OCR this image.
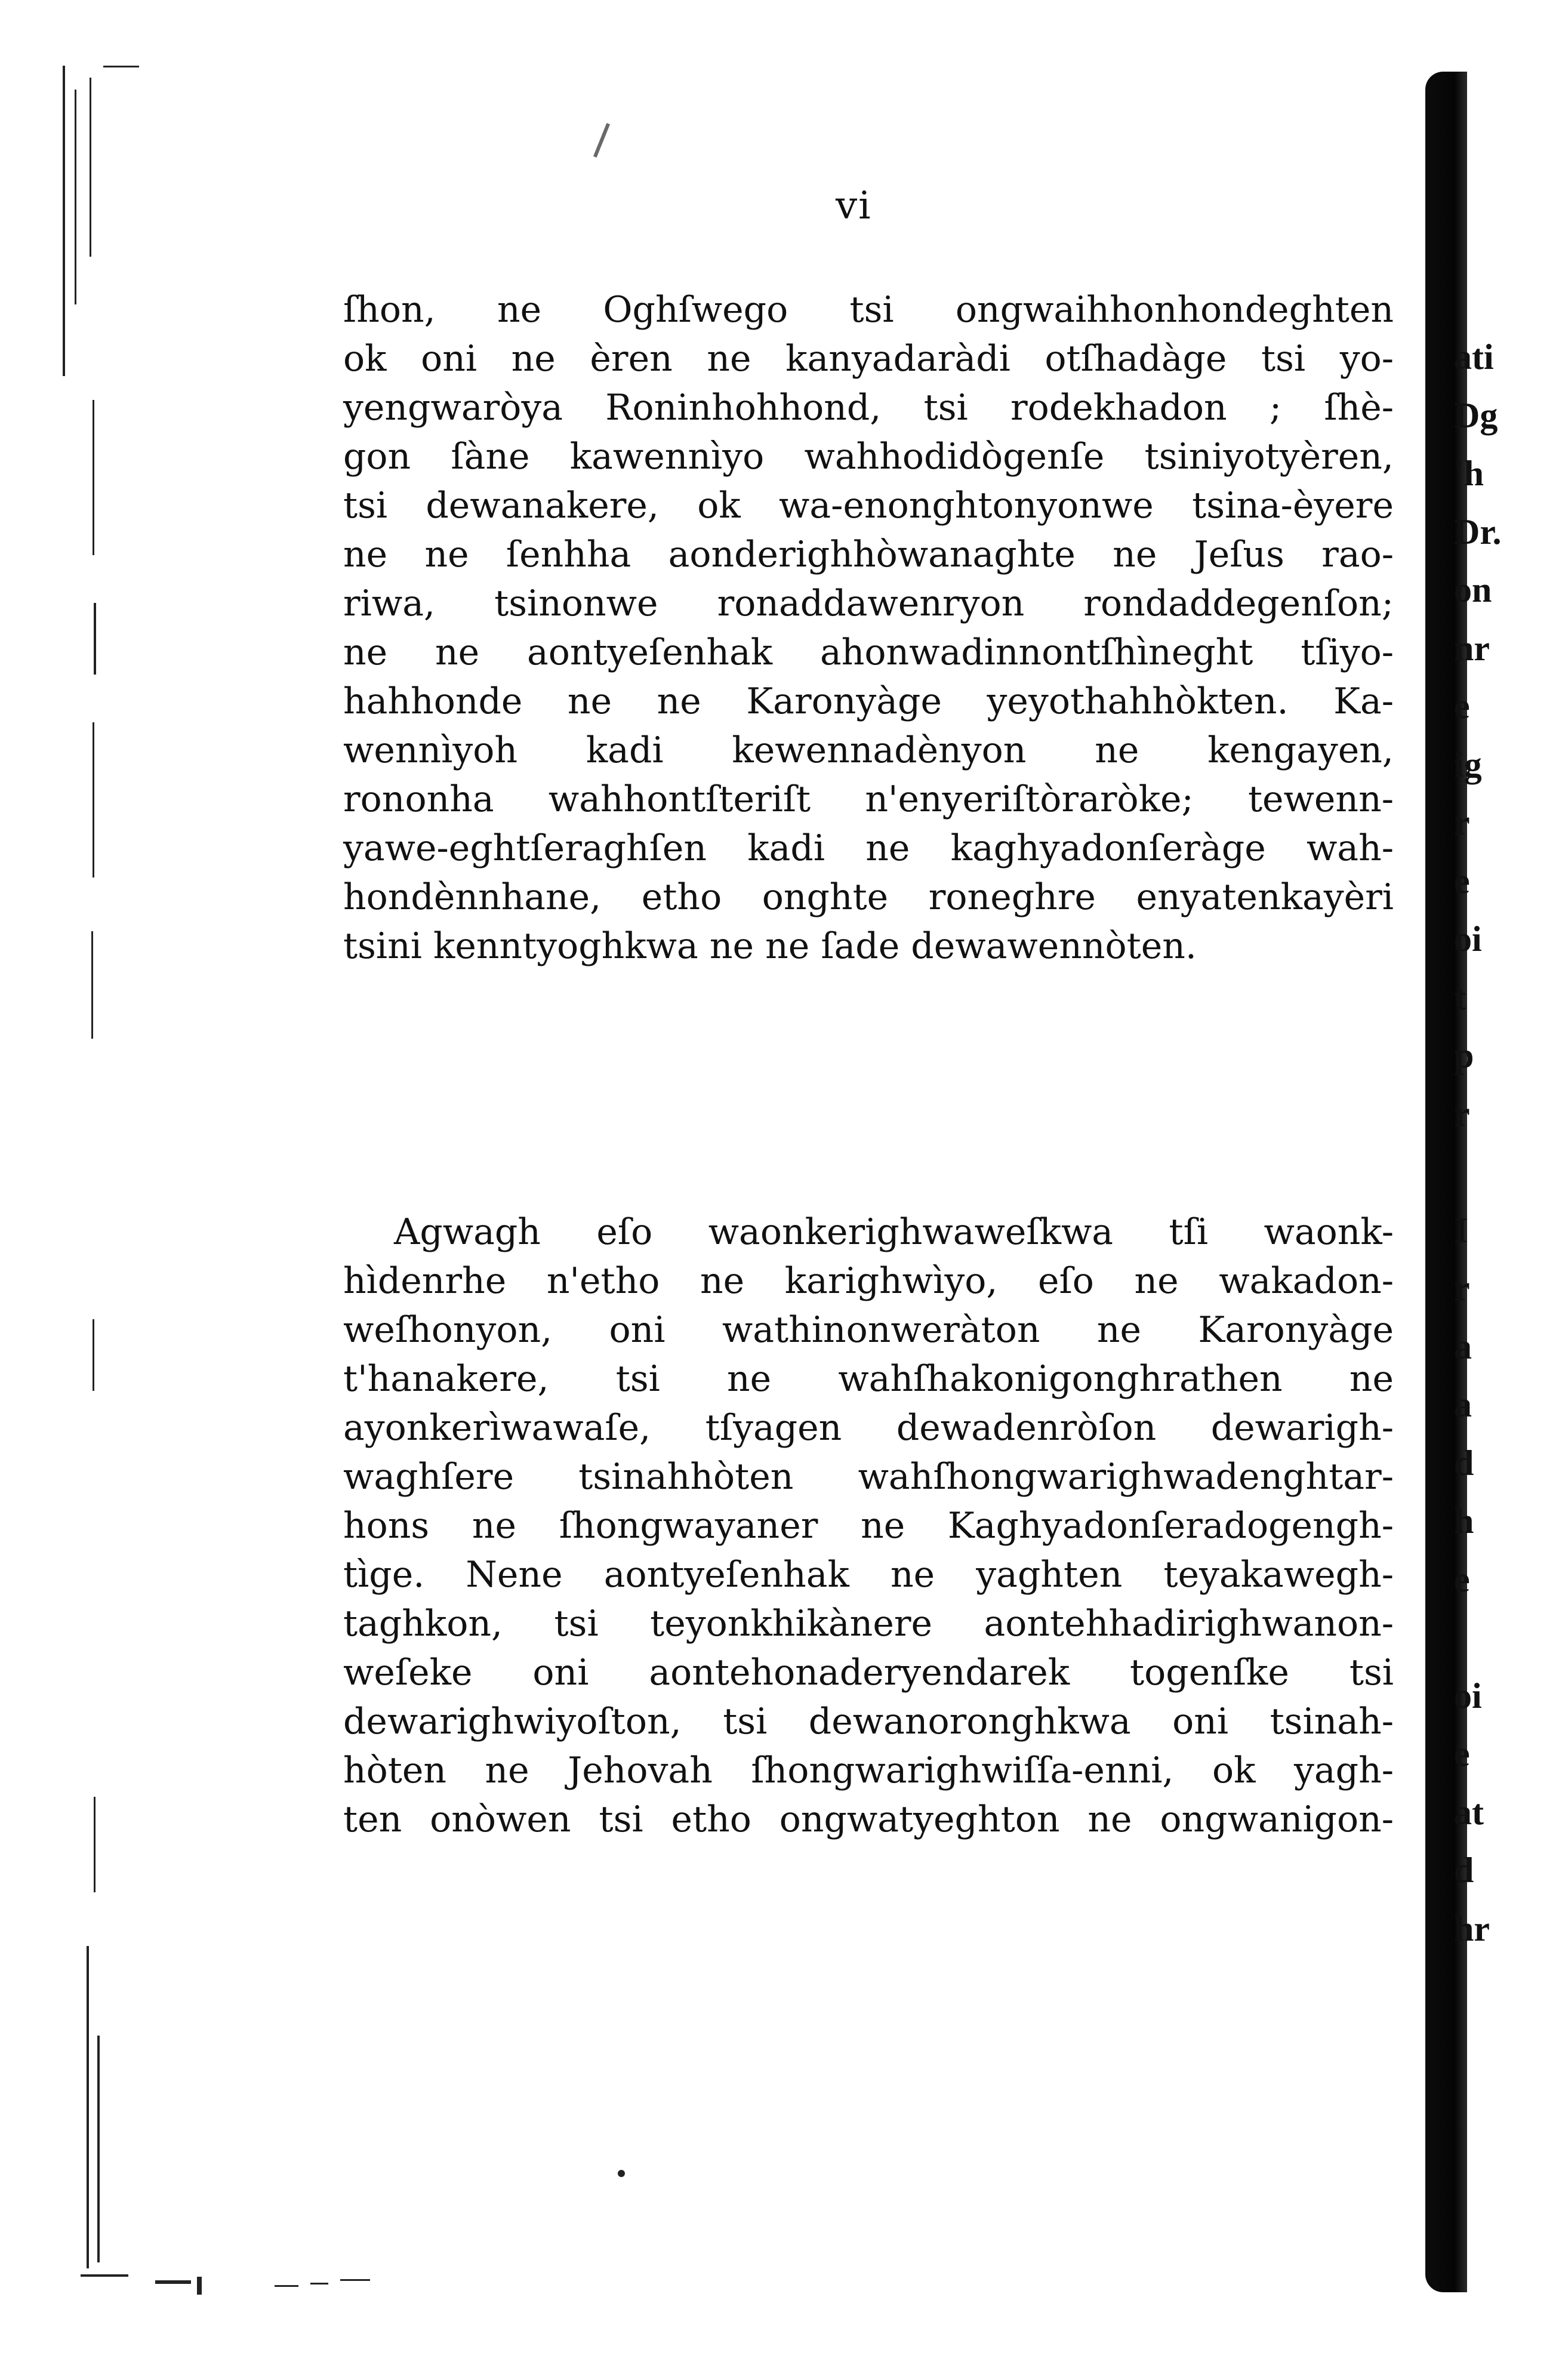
ati
Dg
'h
Dr.
on
nr
e
ig
r
e
oi
t
p
r
I
r
a
a
d
h
e
oi
e
at
d
hr
vi
ſhon, ne Oghſwego tsi ongwaihhonhondeghten
ok oni ne èren ne kanyadaràdi otſhadàge tsi yo-
yengwaròya Roninhohhond, tsi rodekhadon ; ſhè-
gon ſàne kawennìyo wahhodidògenſe tsiniyotyèren,
tsi dewanakere, ok wa-enonghtonyonwe tsina-èyere
ne ne ſenhha aonderighhòwanaghte ne Jeſus rao-
riwa, tsinonwe ronaddawenryon rondaddegenſon;
ne ne aontyeſenhak ahonwadinnontſhìneght tſiyo-
hahhonde ne ne Karonyàge yeyothahhòkten. Ka-
wennìyoh kadi kewennadènyon ne kengayen,
rononha wahhontſteriſt n'enyeriſtòraròke; tewenn-
yawe-eghtſeraghſen kadi ne kaghyadonſeràge wah-
hondènnhane, etho onghte roneghre enyatenkayèri
tsini kenntyoghkwa ne ne ſade dewawennòten.
Agwagh eſo waonkerighwaweſkwa tſi waonk-
hìdenrhe n'etho ne karighwìyo, eſo ne wakadon-
weſhonyon, oni wathinonweràton ne Karonyàge
t'hanakere, tsi ne wahſhakonigonghrathen ne
ayonkerìwawaſe, tſyagen dewadenròſon dewarigh-
waghſere tsinahhòten wahſhongwarighwadenghtar-
hons ne ſhongwayaner ne Kaghyadonſeradogengh-
tìge. Nene aontyeſenhak ne yaghten teyakawegh-
taghkon, tsi teyonkhikànere aontehhadirighwanon-
weſeke oni aontehonaderyendarek togenſke tsi
dewarighwiyoſton, tsi dewanoronghkwa oni tsinah-
hòten ne Jehovah ſhongwarighwiſſa-enni, ok yagh-
ten onòwen tsi etho ongwatyeghton ne ongwanigon-
